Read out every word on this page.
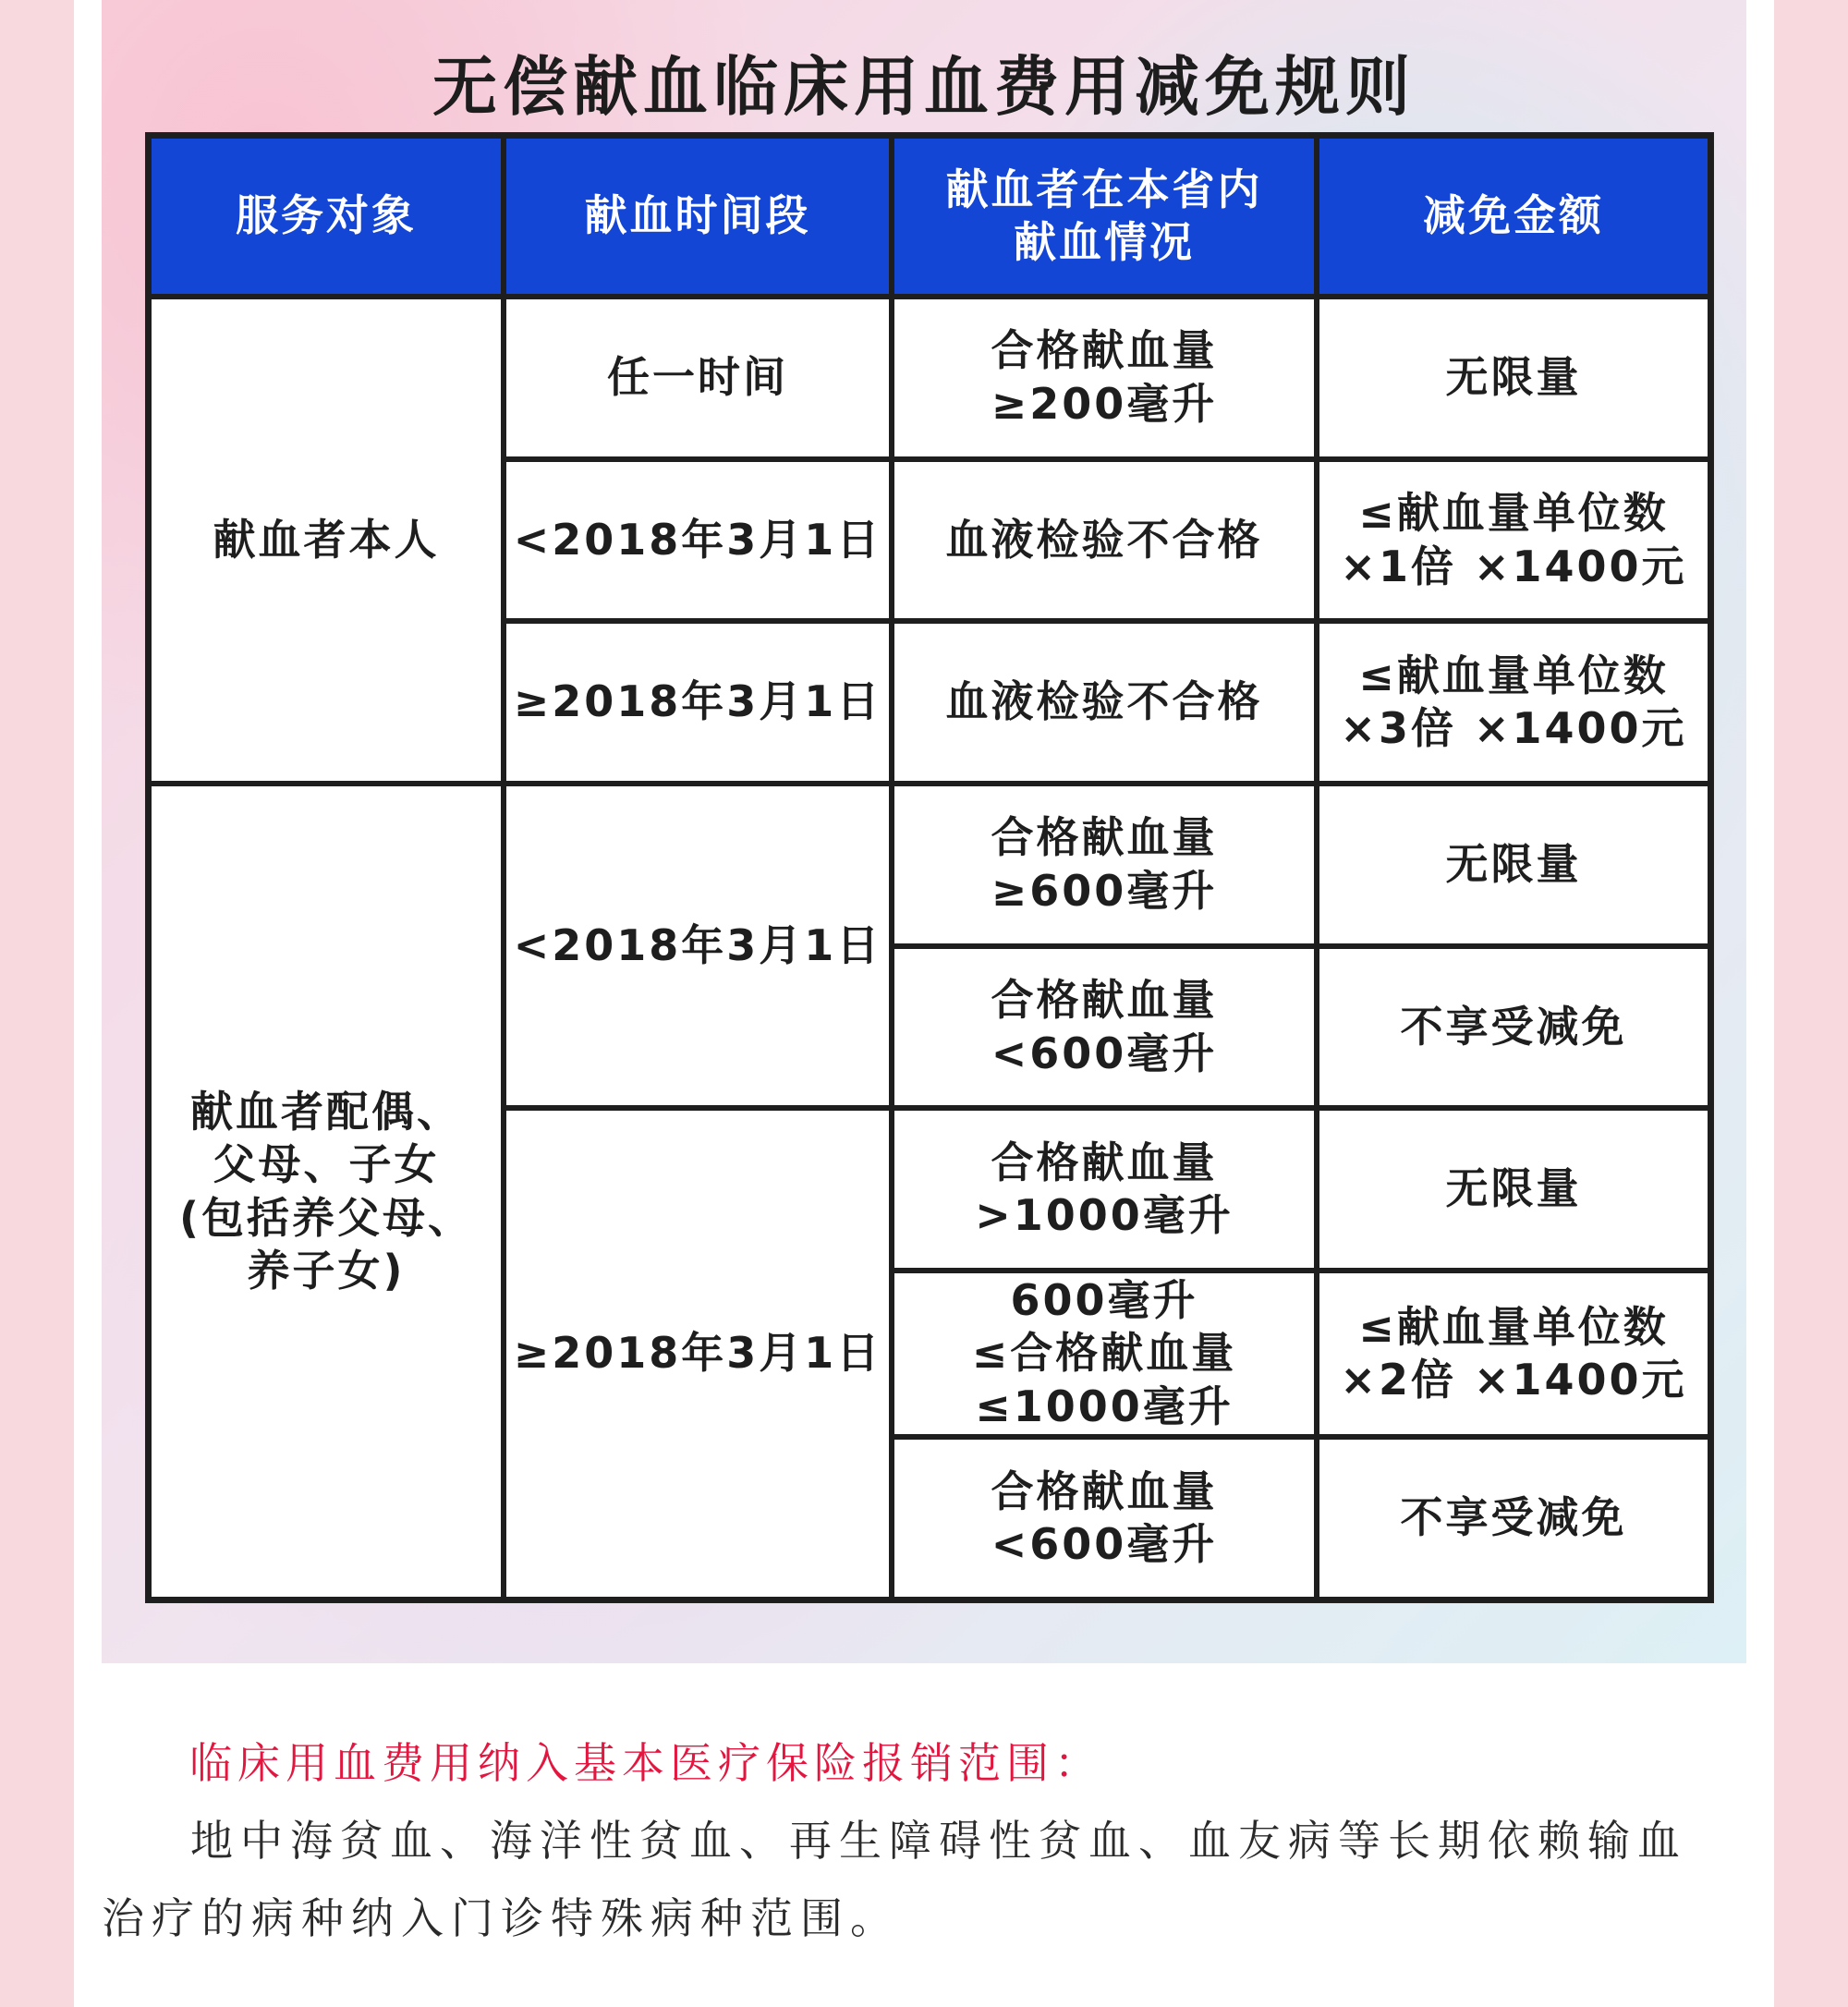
无偿献血临床用血费用减免规则
服务对象	献血时间段	献血者在本省内
献血情况	减免金额
献血者本人	任一时间	合格献血量
≥200毫升	无限量

	<2018年3月1日	血液检验不合格	≤献血量单位数
×1倍 ×1400元

	≥2018年3月1日	血液检验不合格	≤献血量单位数
×3倍 ×1400元

献血者配偶、
父母、子女
(包括养父母、
养子女)	<2018年3月1日	合格献血量
≥600毫升	无限量

		合格献血量
<600毫升	不享受减免

	≥2018年3月1日	合格献血量
>1000毫升	无限量

		600毫升
≤合格献血量
≤1000毫升	≤献血量单位数
×2倍 ×1400元

		合格献血量
<600毫升	不享受减免
临床用血费用纳入基本医疗保险报销范围：
地中海贫血、海洋性贫血、再生障碍性贫血、血友病等长期依赖输血治疗的病种纳入门诊特殊病种范围。
